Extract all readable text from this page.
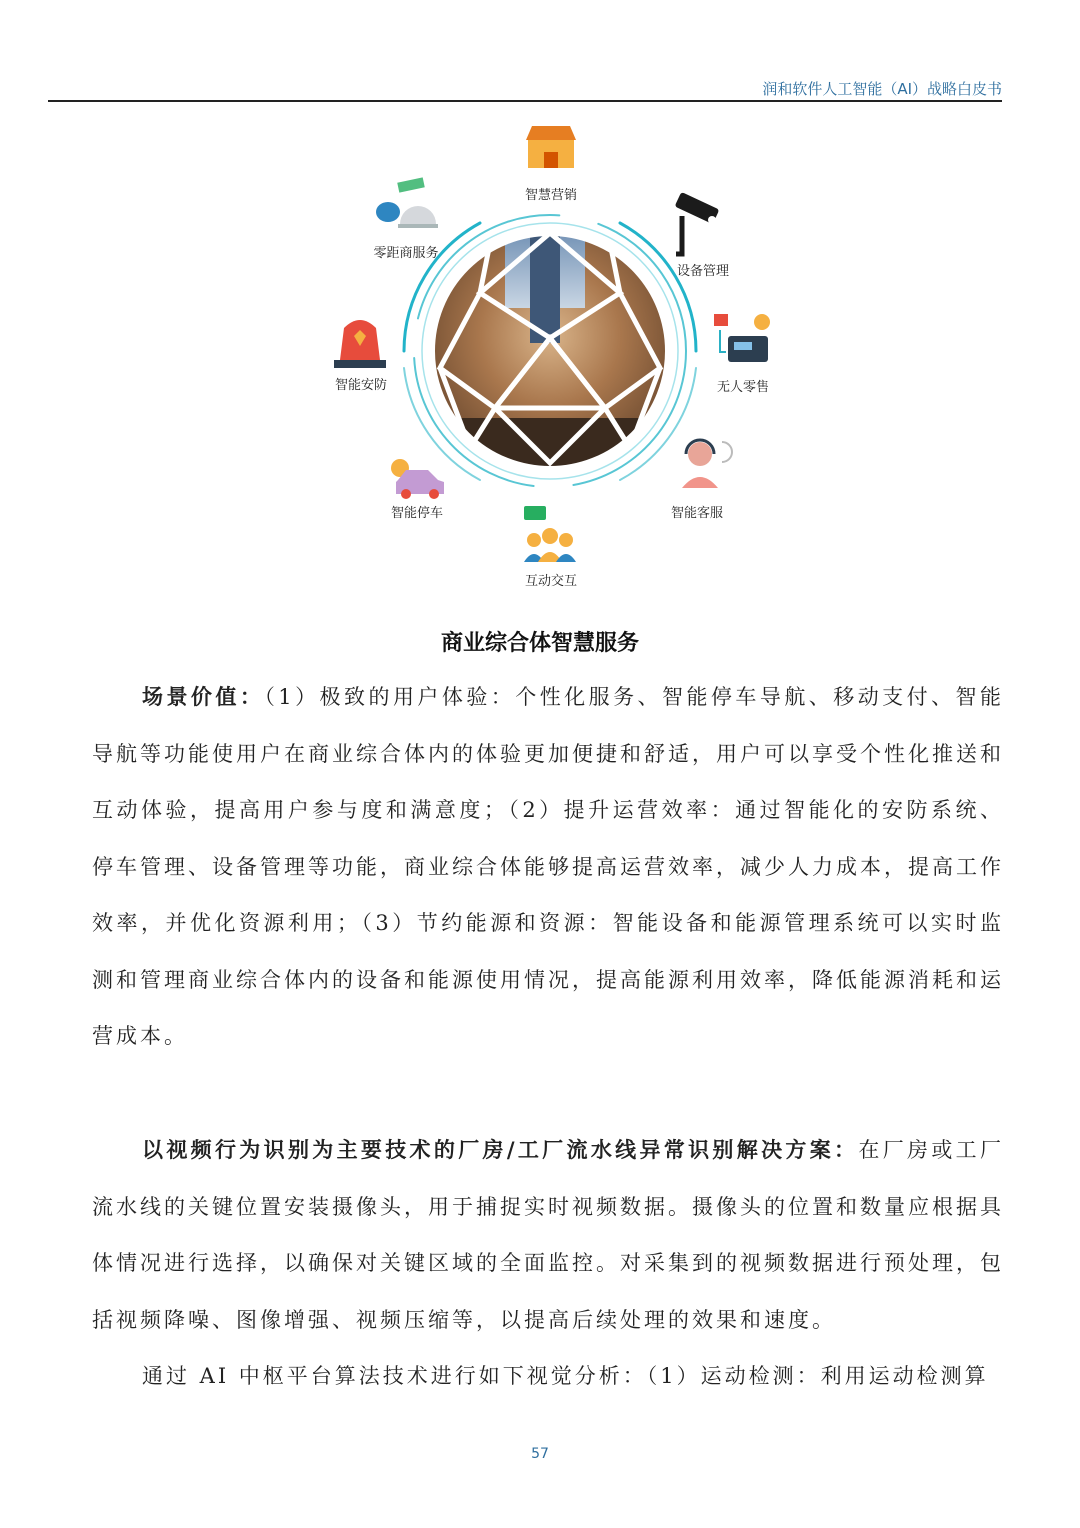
润和软件人工智能（AI）战略白皮书
智慧营销
设备管理
无人零售
智能客服
互动交互
智能停车
智能安防
零距商服务
商业综合体智慧服务
场景价值：（1）极致的用户体验：个性化服务、智能停车导航、移动支付、智能导航等功能使用户在商业综合体内的体验更加便捷和舒适，用户可以享受个性化推送和互动体验，提高用户参与度和满意度；（2）提升运营效率：通过智能化的安防系统、停车管理、设备管理等功能，商业综合体能够提高运营效率，减少人力成本，提高工作效率，并优化资源利用；（3）节约能源和资源：智能设备和能源管理系统可以实时监测和管理商业综合体内的设备和能源使用情况，提高能源利用效率，降低能源消耗和运营成本。
以视频行为识别为主要技术的厂房/工厂流水线异常识别解决方案：在厂房或工厂流水线的关键位置安装摄像头，用于捕捉实时视频数据。摄像头的位置和数量应根据具体情况进行选择，以确保对关键区域的全面监控。对采集到的视频数据进行预处理，包括视频降噪、图像增强、视频压缩等，以提高后续处理的效果和速度。
通过 AI 中枢平台算法技术进行如下视觉分析：（1）运动检测：利用运动检测算
57
